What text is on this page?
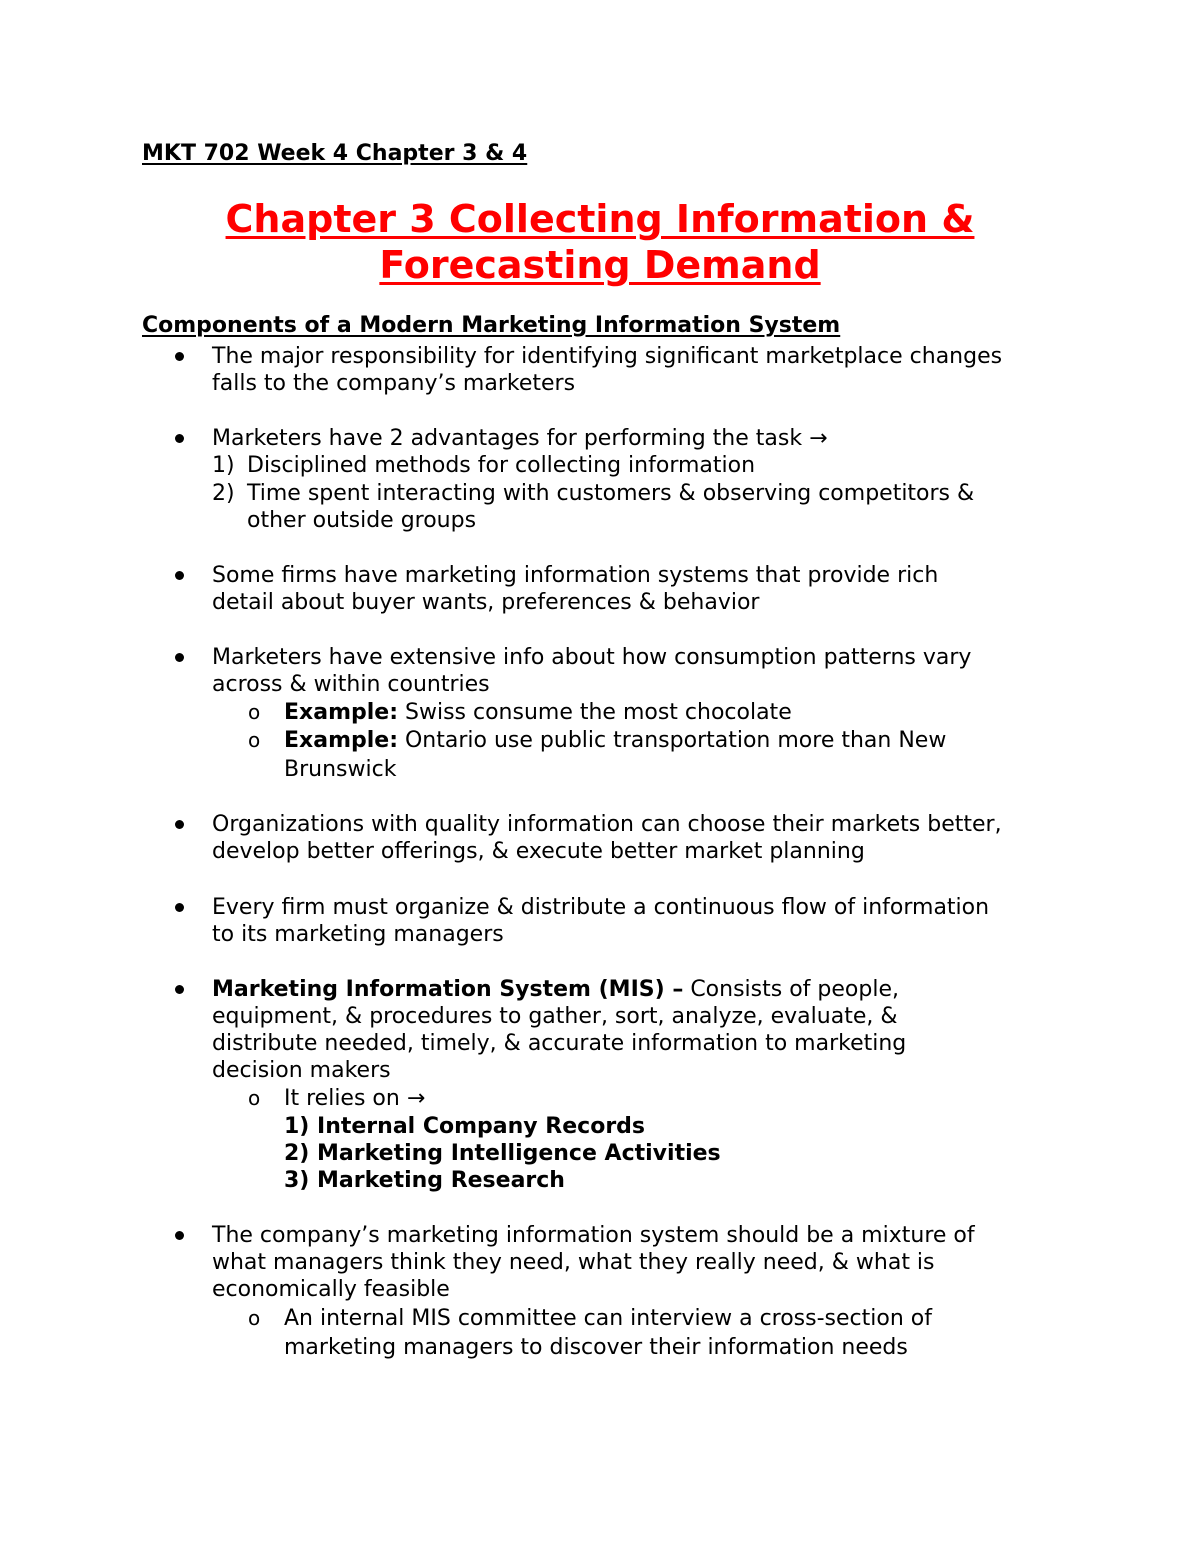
MKT 702 Week 4 Chapter 3 & 4
Chapter 3 Collecting Information &
Forecasting Demand
Components of a Modern Marketing Information System
The major responsibility for identifying significant marketplace changes
falls to the company’s marketers
Marketers have 2 advantages for performing the task →
1) Disciplined methods for collecting information
2) Time spent interacting with customers & observing competitors &
other outside groups
Some firms have marketing information systems that provide rich
detail about buyer wants, preferences & behavior
Marketers have extensive info about how consumption patterns vary
across & within countries
o Example: Swiss consume the most chocolate
o Example: Ontario use public transportation more than New
Brunswick
Organizations with quality information can choose their markets better,
develop better offerings, & execute better market planning
Every firm must organize & distribute a continuous flow of information
to its marketing managers
Marketing Information System (MIS) – Consists of people,
equipment, & procedures to gather, sort, analyze, evaluate, &
distribute needed, timely, & accurate information to marketing
decision makers
o It relies on →
1) Internal Company Records
2) Marketing Intelligence Activities
3) Marketing Research
The company’s marketing information system should be a mixture of
what managers think they need, what they really need, & what is
economically feasible
o An internal MIS committee can interview a cross-section of
marketing managers to discover their information needs
